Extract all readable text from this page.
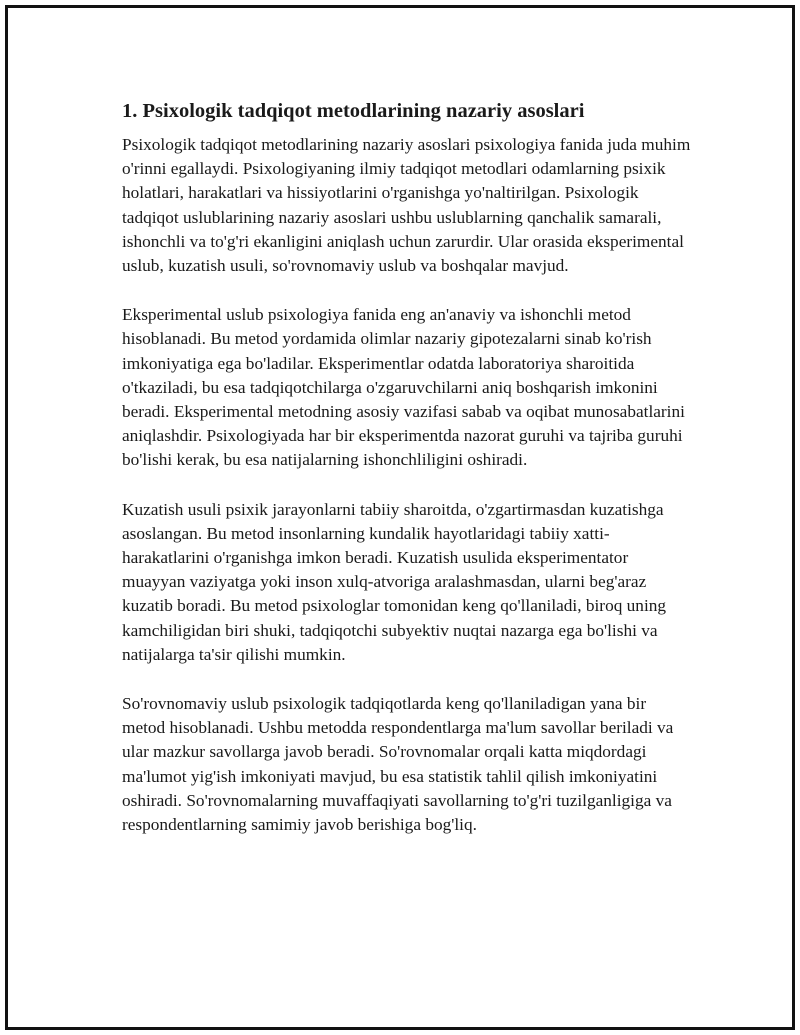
1. Psixologik tadqiqot metodlarining nazariy asoslari

Psixologik tadqiqot metodlarining nazariy asoslari psixologiya fanida juda muhim o'rinni egallaydi. Psixologiyaning ilmiy tadqiqot metodlari odamlarning psixik holatlari, harakatlari va hissiyotlarini o'rganishga yo'naltirilgan. Psixologik tadqiqot uslublarining nazariy asoslari ushbu uslublarning qanchalik samarali, ishonchli va to'g'ri ekanligini aniqlash uchun zarurdir. Ular orasida eksperimental uslub, kuzatish usuli, so'rovnomaviy uslub va boshqalar mavjud.

Eksperimental uslub psixologiya fanida eng an'anaviy va ishonchli metod hisoblanadi. Bu metod yordamida olimlar nazariy gipotezalarni sinab ko'rish imkoniyatiga ega bo'ladilar. Eksperimentlar odatda laboratoriya sharoitida o'tkaziladi, bu esa tadqiqotchilarga o'zgaruvchilarni aniq boshqarish imkonini beradi. Eksperimental metodning asosiy vazifasi sabab va oqibat munosabatlarini aniqlashdir. Psixologiyada har bir eksperimentda nazorat guruhi va tajriba guruhi bo'lishi kerak, bu esa natijalarning ishonchliligini oshiradi.

Kuzatish usuli psixik jarayonlarni tabiiy sharoitda, o'zgartirmasdan kuzatishga asoslangan. Bu metod insonlarning kundalik hayotlaridagi tabiiy xatti-harakatlarini o'rganishga imkon beradi. Kuzatish usulida eksperimentator muayyan vaziyatga yoki inson xulq-atvoriga aralashmasdan, ularni beg'araz kuzatib boradi. Bu metod psixologlar tomonidan keng qo'llaniladi, biroq uning kamchiligidan biri shuki, tadqiqotchi subyektiv nuqtai nazarga ega bo'lishi va natijalarga ta'sir qilishi mumkin.

So'rovnomaviy uslub psixologik tadqiqotlarda keng qo'llaniladigan yana bir metod hisoblanadi. Ushbu metodda respondentlarga ma'lum savollar beriladi va ular mazkur savollarga javob beradi. So'rovnomalar orqali katta miqdordagi ma'lumot yig'ish imkoniyati mavjud, bu esa statistik tahlil qilish imkoniyatini oshiradi. So'rovnomalarning muvaffaqiyati savollarning to'g'ri tuzilganligiga va respondentlarning samimiy javob berishiga bog'liq.
